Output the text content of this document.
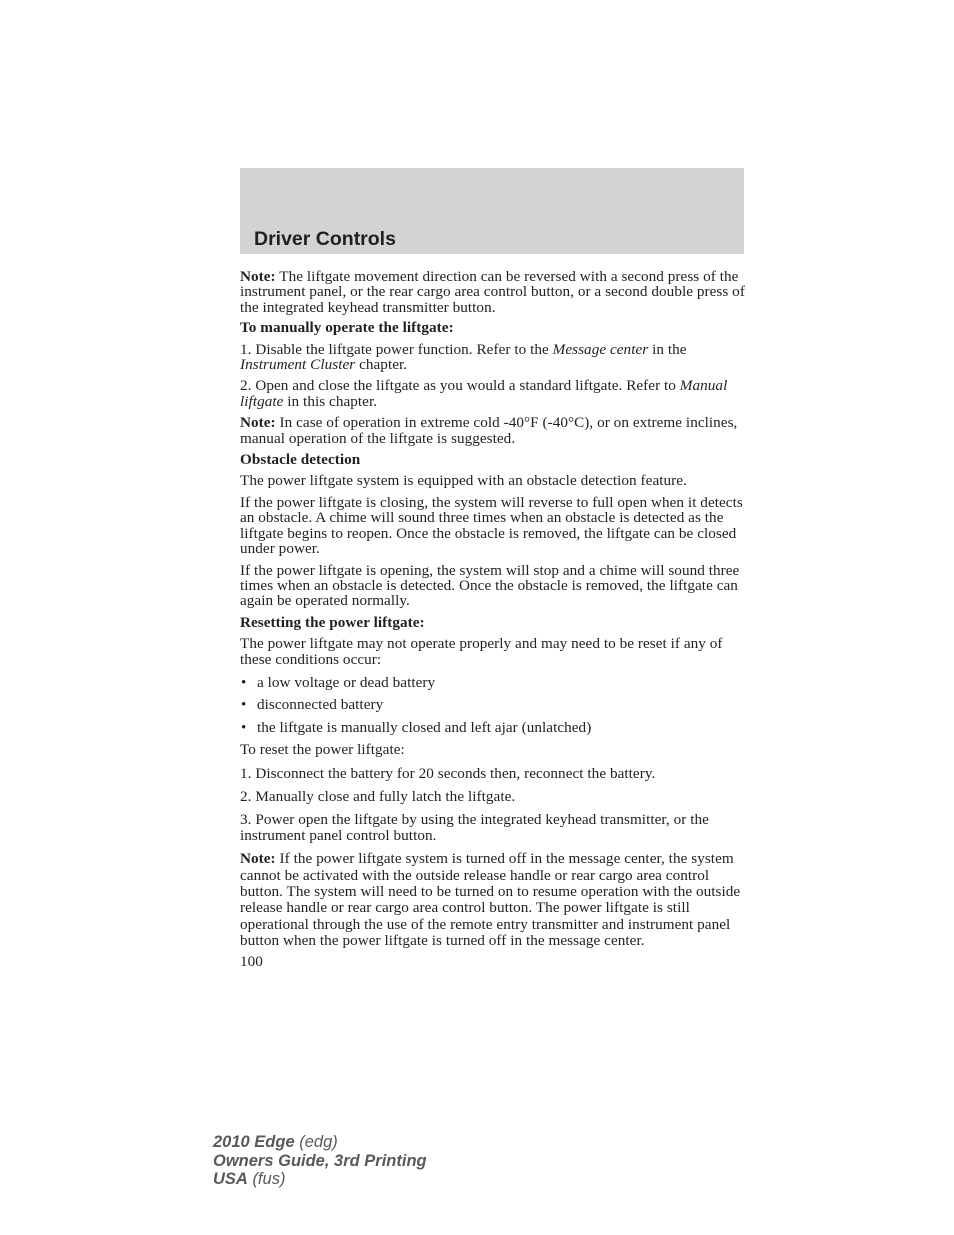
Driver Controls

Note: The liftgate movement direction can be reversed with a second press of the instrument panel, or the rear cargo area control button, or a second double press of the integrated keyhead transmitter button.

To manually operate the liftgate:

1. Disable the liftgate power function. Refer to the Message center in the Instrument Cluster chapter.

2. Open and close the liftgate as you would a standard liftgate. Refer to Manual liftgate in this chapter.

Note: In case of operation in extreme cold -40°F (-40°C), or on extreme inclines, manual operation of the liftgate is suggested.

Obstacle detection

The power liftgate system is equipped with an obstacle detection feature.

If the power liftgate is closing, the system will reverse to full open when it detects an obstacle. A chime will sound three times when an obstacle is detected as the liftgate begins to reopen. Once the obstacle is removed, the liftgate can be closed under power.

If the power liftgate is opening, the system will stop and a chime will sound three times when an obstacle is detected. Once the obstacle is removed, the liftgate can again be operated normally.

Resetting the power liftgate:

The power liftgate may not operate properly and may need to be reset if any of these conditions occur:

• a low voltage or dead battery
• disconnected battery
• the liftgate is manually closed and left ajar (unlatched)

To reset the power liftgate:

1. Disconnect the battery for 20 seconds then, reconnect the battery.

2. Manually close and fully latch the liftgate.

3. Power open the liftgate by using the integrated keyhead transmitter, or the instrument panel control button.

Note: If the power liftgate system is turned off in the message center, the system cannot be activated with the outside release handle or rear cargo area control button. The system will need to be turned on to resume operation with the outside release handle or rear cargo area control button. The power liftgate is still operational through the use of the remote entry transmitter and instrument panel button when the power liftgate is turned off in the message center.

100

2010 Edge (edg)
Owners Guide, 3rd Printing
USA (fus)
